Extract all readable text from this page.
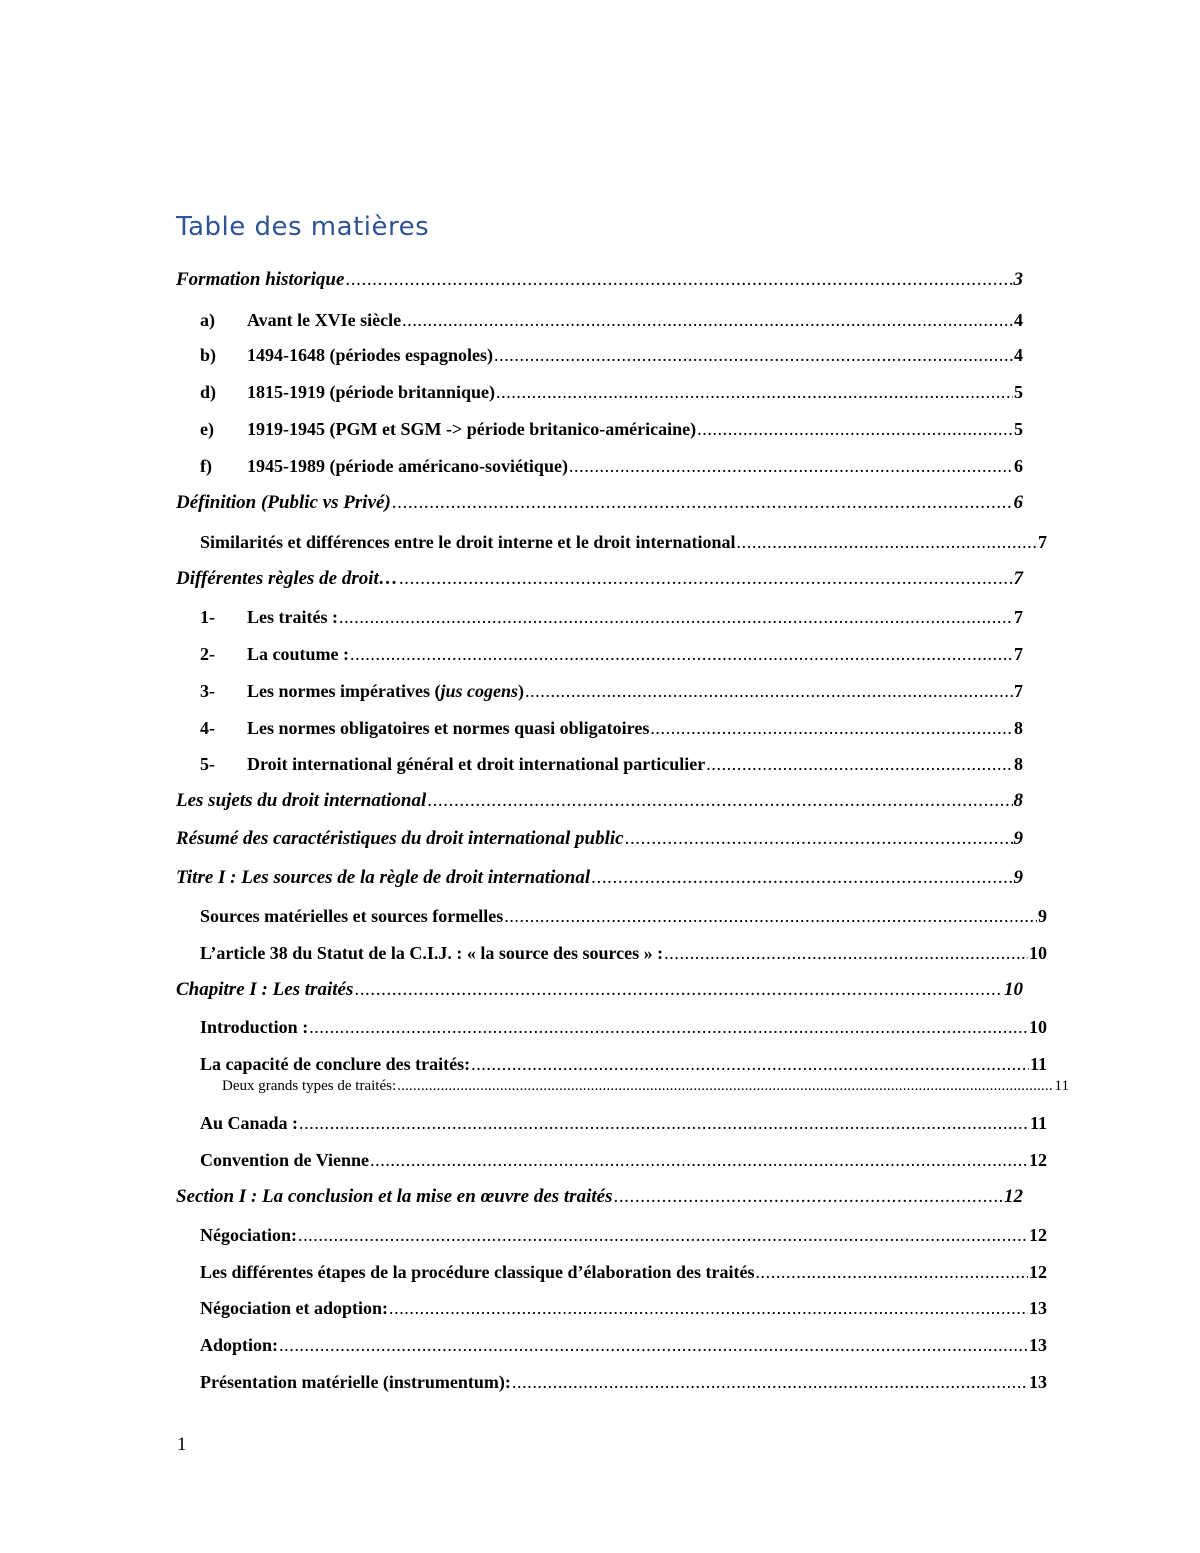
Table des matières
Formation historique .....	3
a)	Avant le XVIe siècle .....	4
b)	1494-1648 (périodes espagnoles) .....	4
d)	1815-1919 (période britannique) .....	5
e)	1919-1945 (PGM et SGM -> période britanico-américaine) .....	5
f)	1945-1989 (période américano-soviétique) .....	6
Définition (Public vs Privé) .....	6
Similarités et différences entre le droit interne et le droit international .....	7
Différentes règles de droit… .....	7
1-	Les traités : .....	7
2-	La coutume : .....	7
3-	Les normes impératives (jus cogens) .....	7
4-	Les normes obligatoires et normes quasi obligatoires .....	8
5-	Droit international général et droit international particulier .....	8
Les sujets du droit international .....	8
Résumé des caractéristiques du droit international public .....	9
Titre I : Les sources de la règle de droit international .....	9
Sources matérielles et sources formelles .....	9
L’article 38 du Statut de la C.I.J. : « la source des sources » : .....	10
Chapitre I : Les traités .....	10
Introduction : .....	10
La capacité de conclure des traités: .....	11
Deux grands types de traités: .....	11
Au Canada : .....	11
Convention de Vienne .....	12
Section I : La conclusion et la mise en œuvre des traités .....	12
Négociation: .....	12
Les différentes étapes de la procédure classique d’élaboration des traités .....	12
Négociation et adoption: .....	13
Adoption: .....	13
Présentation matérielle (instrumentum): .....	13
1
